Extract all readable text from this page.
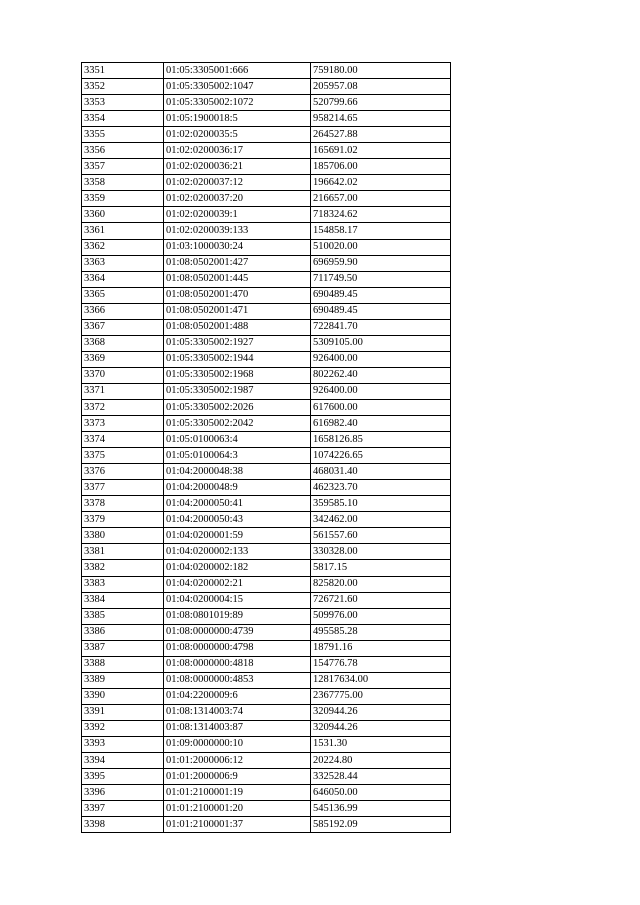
3351	01:05:3305001:666	759180.00
3352	01:05:3305002:1047	205957.08
3353	01:05:3305002:1072	520799.66
3354	01:05:1900018:5	958214.65
3355	01:02:0200035:5	264527.88
3356	01:02:0200036:17	165691.02
3357	01:02:0200036:21	185706.00
3358	01:02:0200037:12	196642.02
3359	01:02:0200037:20	216657.00
3360	01:02:0200039:1	718324.62
3361	01:02:0200039:133	154858.17
3362	01:03:1000030:24	510020.00
3363	01:08:0502001:427	696959.90
3364	01:08:0502001:445	711749.50
3365	01:08:0502001:470	690489.45
3366	01:08:0502001:471	690489.45
3367	01:08:0502001:488	722841.70
3368	01:05:3305002:1927	5309105.00
3369	01:05:3305002:1944	926400.00
3370	01:05:3305002:1968	802262.40
3371	01:05:3305002:1987	926400.00
3372	01:05:3305002:2026	617600.00
3373	01:05:3305002:2042	616982.40
3374	01:05:0100063:4	1658126.85
3375	01:05:0100064:3	1074226.65
3376	01:04:2000048:38	468031.40
3377	01:04:2000048:9	462323.70
3378	01:04:2000050:41	359585.10
3379	01:04:2000050:43	342462.00
3380	01:04:0200001:59	561557.60
3381	01:04:0200002:133	330328.00
3382	01:04:0200002:182	5817.15
3383	01:04:0200002:21	825820.00
3384	01:04:0200004:15	726721.60
3385	01:08:0801019:89	509976.00
3386	01:08:0000000:4739	495585.28
3387	01:08:0000000:4798	18791.16
3388	01:08:0000000:4818	154776.78
3389	01:08:0000000:4853	12817634.00
3390	01:04:2200009:6	2367775.00
3391	01:08:1314003:74	320944.26
3392	01:08:1314003:87	320944.26
3393	01:09:0000000:10	1531.30
3394	01:01:2000006:12	20224.80
3395	01:01:2000006:9	332528.44
3396	01:01:2100001:19	646050.00
3397	01:01:2100001:20	545136.99
3398	01:01:2100001:37	585192.09
